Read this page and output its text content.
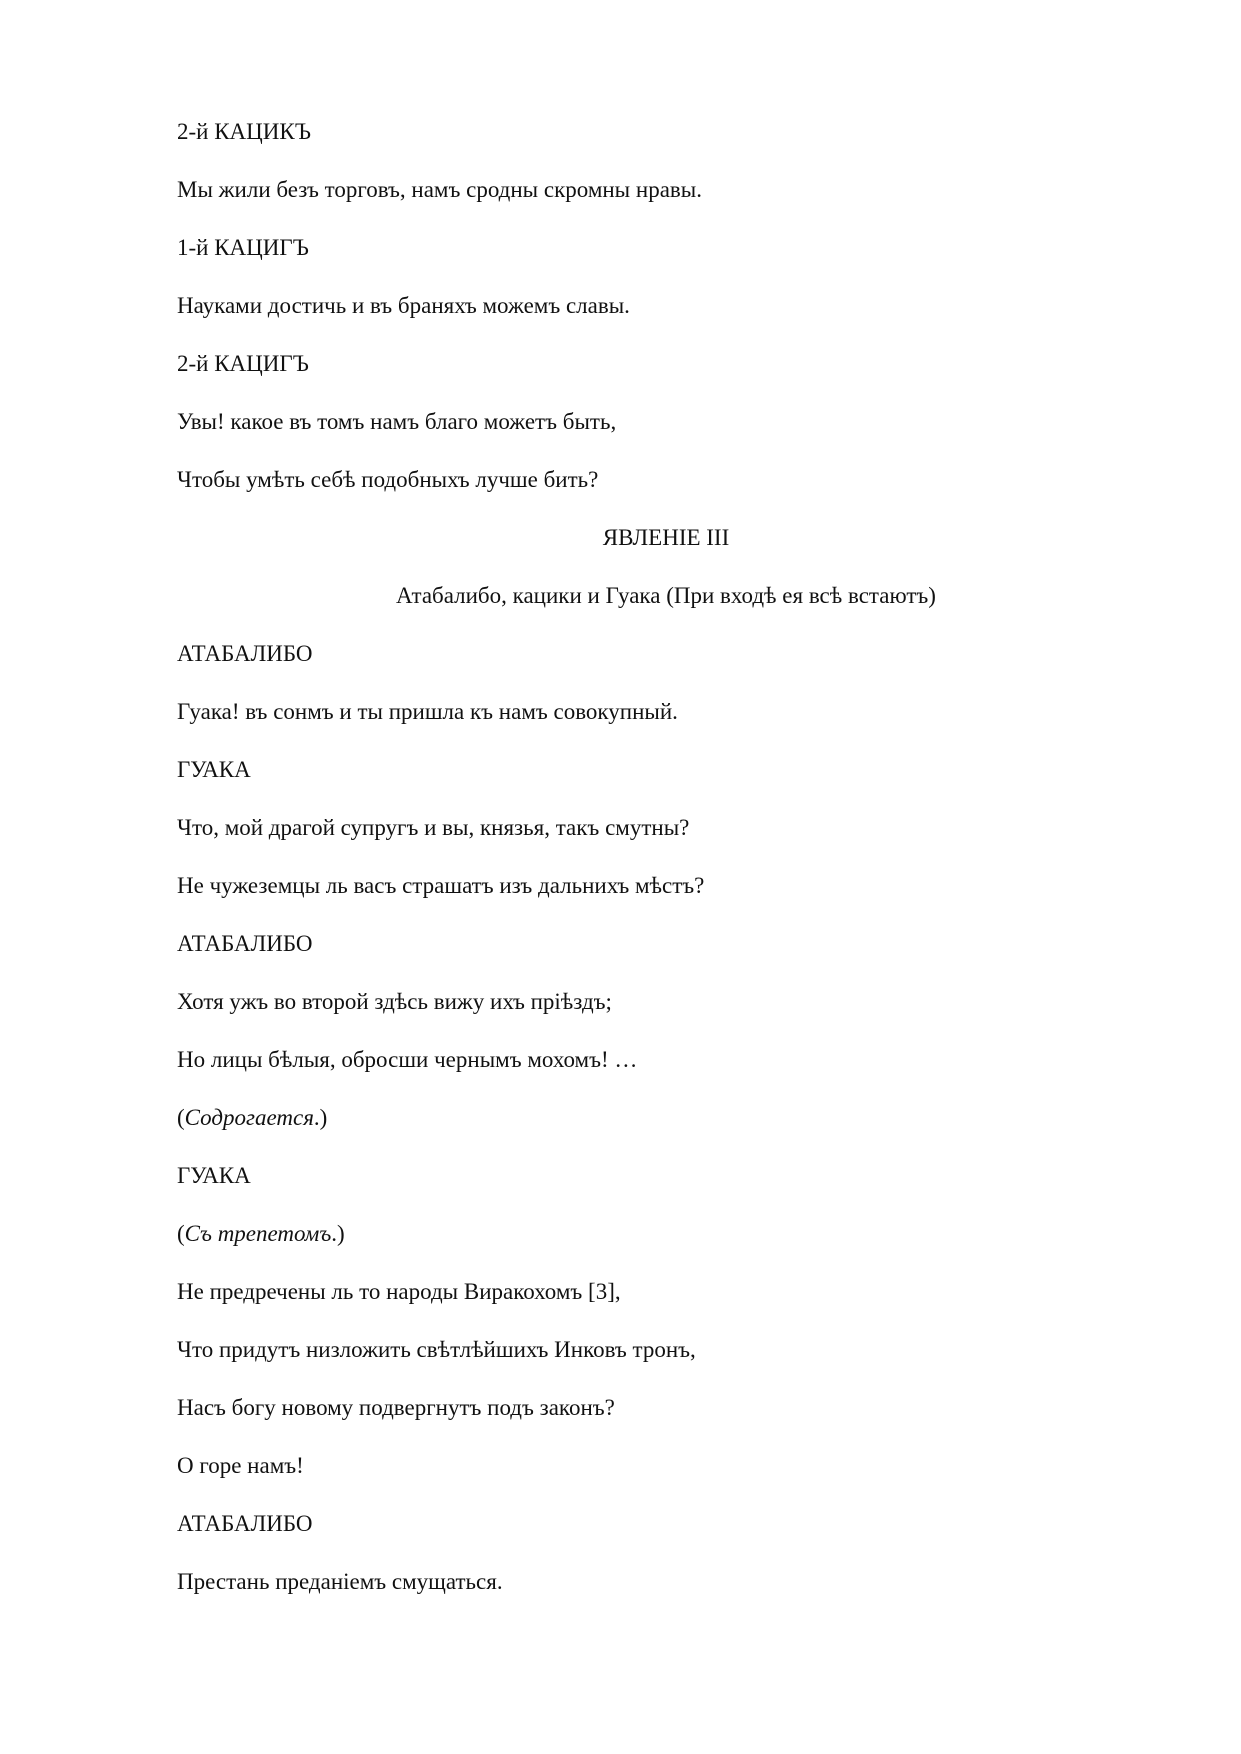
2-й КАЦИКЪ
Мы жили безъ торговъ, намъ сродны скромны нравы.
1-й КАЦИГЪ
Науками достичь и въ браняхъ можемъ славы.
2-й КАЦИГЪ
Увы! какое въ томъ намъ благо можетъ быть,
Чтобы умѣть себѣ подобныхъ лучше бить?
ЯВЛЕНIЕ III
Атабалибо, кацики и Гуака (При входѣ ея всѣ встаютъ)
АТАБАЛИБО
Гуака! въ сонмъ и ты пришла къ намъ совокупный.
ГУАКА
Что, мой драгой супругъ и вы, князья, такъ смутны?
Не чужеземцы ль васъ страшатъ изъ дальнихъ мѣстъ?
АТАБАЛИБО
Хотя ужъ во второй здѣсь вижу ихъ прiѣздъ;
Но лицы бѣлыя, обросши чернымъ мохомъ! …
(Содрогается.)
ГУАКА
(Съ трепетомъ.)
Не предречены ль то народы Виракохомъ [3],
Что придутъ низложить свѣтлѣйшихъ Инковъ тронъ,
Насъ богу новому подвергнутъ подъ законъ?
О горе намъ!
АТАБАЛИБО
Престань преданiемъ смущаться.
